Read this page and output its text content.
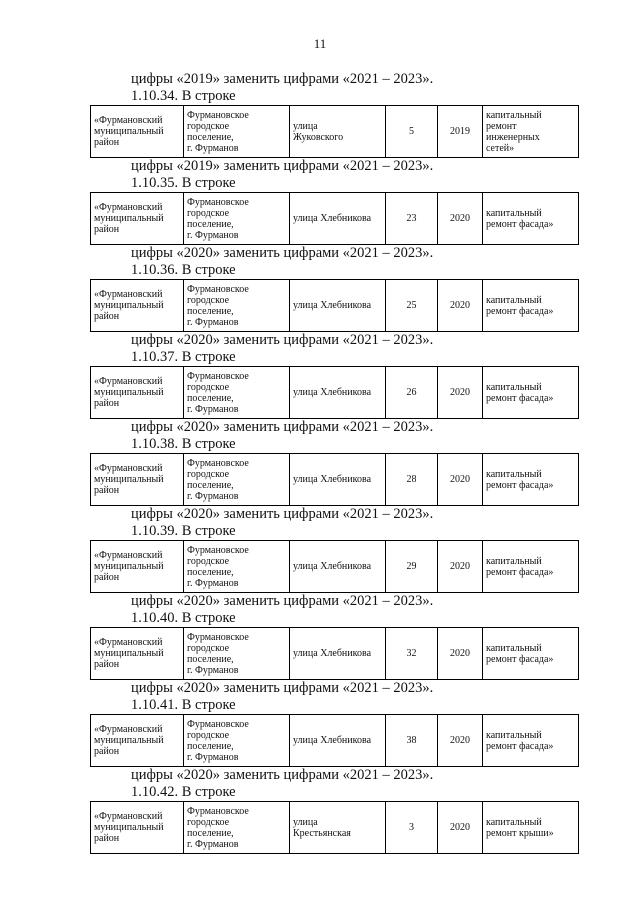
11
цифры «2019» заменить цифрами «2021 – 2023».
1.10.34. В строке
«Фурмановский
муниципальный
район	Фурмановское
городское
поселение,
г. Фурманов	улица
Жуковского	5	2019	капитальный
ремонт
инженерных
сетей»
цифры «2019» заменить цифрами «2021 – 2023».
1.10.35. В строке
«Фурмановский
муниципальный
район	Фурмановское
городское
поселение,
г. Фурманов	улица Хлебникова	23	2020	капитальный
ремонт фасада»
цифры «2020» заменить цифрами «2021 – 2023».
1.10.36. В строке
«Фурмановский
муниципальный
район	Фурмановское
городское
поселение,
г. Фурманов	улица Хлебникова	25	2020	капитальный
ремонт фасада»
цифры «2020» заменить цифрами «2021 – 2023».
1.10.37. В строке
«Фурмановский
муниципальный
район	Фурмановское
городское
поселение,
г. Фурманов	улица Хлебникова	26	2020	капитальный
ремонт фасада»
цифры «2020» заменить цифрами «2021 – 2023».
1.10.38. В строке
«Фурмановский
муниципальный
район	Фурмановское
городское
поселение,
г. Фурманов	улица Хлебникова	28	2020	капитальный
ремонт фасада»
цифры «2020» заменить цифрами «2021 – 2023».
1.10.39. В строке
«Фурмановский
муниципальный
район	Фурмановское
городское
поселение,
г. Фурманов	улица Хлебникова	29	2020	капитальный
ремонт фасада»
цифры «2020» заменить цифрами «2021 – 2023».
1.10.40. В строке
«Фурмановский
муниципальный
район	Фурмановское
городское
поселение,
г. Фурманов	улица Хлебникова	32	2020	капитальный
ремонт фасада»
цифры «2020» заменить цифрами «2021 – 2023».
1.10.41. В строке
«Фурмановский
муниципальный
район	Фурмановское
городское
поселение,
г. Фурманов	улица Хлебникова	38	2020	капитальный
ремонт фасада»
цифры «2020» заменить цифрами «2021 – 2023».
1.10.42. В строке
«Фурмановский
муниципальный
район	Фурмановское
городское
поселение,
г. Фурманов	улица
Крестьянская	3	2020	капитальный
ремонт крыши»
